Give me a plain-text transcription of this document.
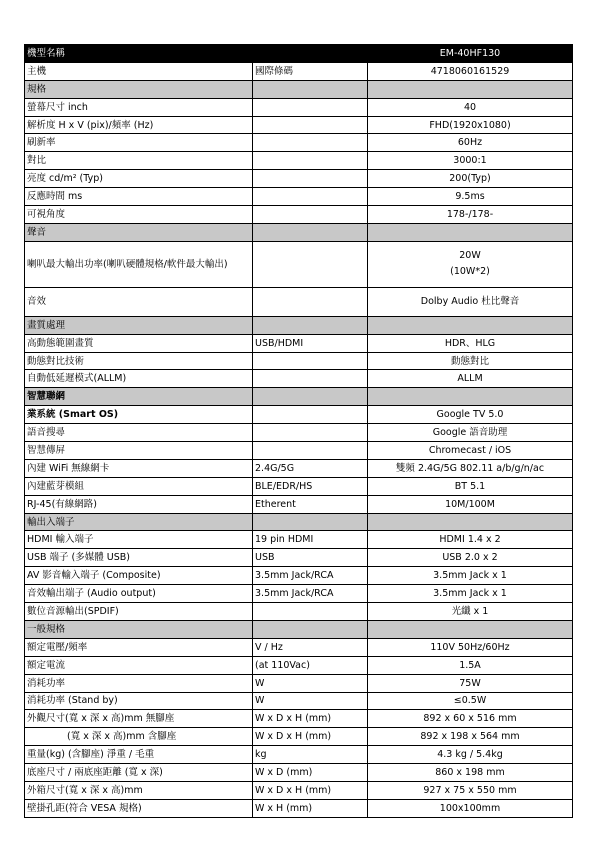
機型名稱		EM-40HF130
主機	國際條碼	4718060161529
規格		
螢幕尺寸 inch		40
解析度 H x V (pix)/頻率 (Hz)		FHD(1920x1080)
刷新率		60Hz
對比		3000:1
亮度 cd/m² (Typ)		200(Typ)
反應時間 ms		9.5ms
可視角度		178-/178-
聲音		
喇叭最大輸出功率(喇叭硬體規格/軟件最大輸出)		20W
(10W*2)

音效		Dolby Audio 杜比聲音
畫質處理		
高動態範圍畫質	USB/HDMI	HDR、HLG
動態對比技術		動態對比
自動低延遲模式(ALLM)		ALLM
智慧聯網		
業系統 (Smart OS)		Google TV 5.0
語音搜尋		Google 語音助理
智慧傳屏		Chromecast / iOS
內建 WiFi 無線網卡	2.4G/5G	雙頻 2.4G/5G 802.11 a/b/g/n/ac
內建藍芽模組	BLE/EDR/HS	BT 5.1
RJ-45(有線網路)	Etherent	10M/100M
輸出入端子		
HDMI 輸入端子	19 pin HDMI	HDMI 1.4 x 2
USB 端子 (多媒體 USB)	USB	USB 2.0 x 2
AV 影音輸入端子 (Composite)	3.5mm Jack/RCA	3.5mm Jack x 1
音效輸出端子 (Audio output)	3.5mm Jack/RCA	3.5mm Jack x 1
數位音源輸出(SPDIF)		光纖 x 1
一般規格		
額定電壓/頻率	V / Hz	110V 50Hz/60Hz
額定電流	(at 110Vac)	1.5A
消耗功率	W	75W
消耗功率 (Stand by)	W	≤0.5W
外觀尺寸(寬 x 深 x 高)mm 無腳座	W x D x H (mm)	892 x 60 x 516 mm
(寬 x 深 x 高)mm 含腳座	W x D x H (mm)	892 x 198 x 564 mm
重量(kg) (含腳座) 淨重 / 毛重	kg	4.3 kg / 5.4kg
底座尺寸 / 兩底座距離 (寬 x 深)	W x D (mm)	860 x 198 mm
外箱尺寸(寬 x 深 x 高)mm	W x D x H (mm)	927 x 75 x 550 mm
壁掛孔距(符合 VESA 規格)	W x H (mm)	100x100mm
